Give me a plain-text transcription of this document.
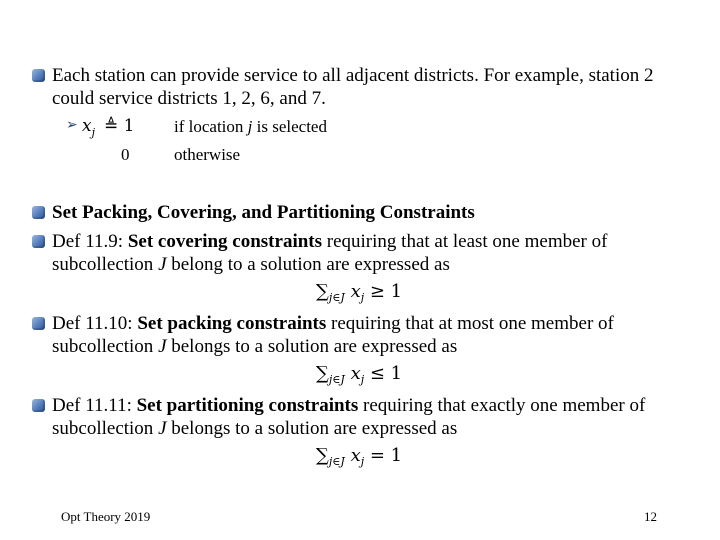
Each station can provide service to all adjacent districts. For example, station 2
could service districts 1, 2, 6, and 7.
➢ $x_j$ ≜ 1 if location j is selected
0	otherwise
Set Packing, Covering, and Partitioning Constraints
Def 11.9: Set covering constraints requiring that at least one member of
subcollection J belong to a solution are expressed as
$\sum_{j\in J}$ $x_j \ge 1$
Def 11.10: Set packing constraints requiring that at most one member of
subcollection J belongs to a solution are expressed as
$\sum_{j\in J}$ $x_j \le 1$
Def 11.11: Set partitioning constraints requiring that exactly one member of
subcollection J belongs to a solution are expressed as
$\sum_{j\in J}$ $x_j = 1$
Opt Theory 2019	12
